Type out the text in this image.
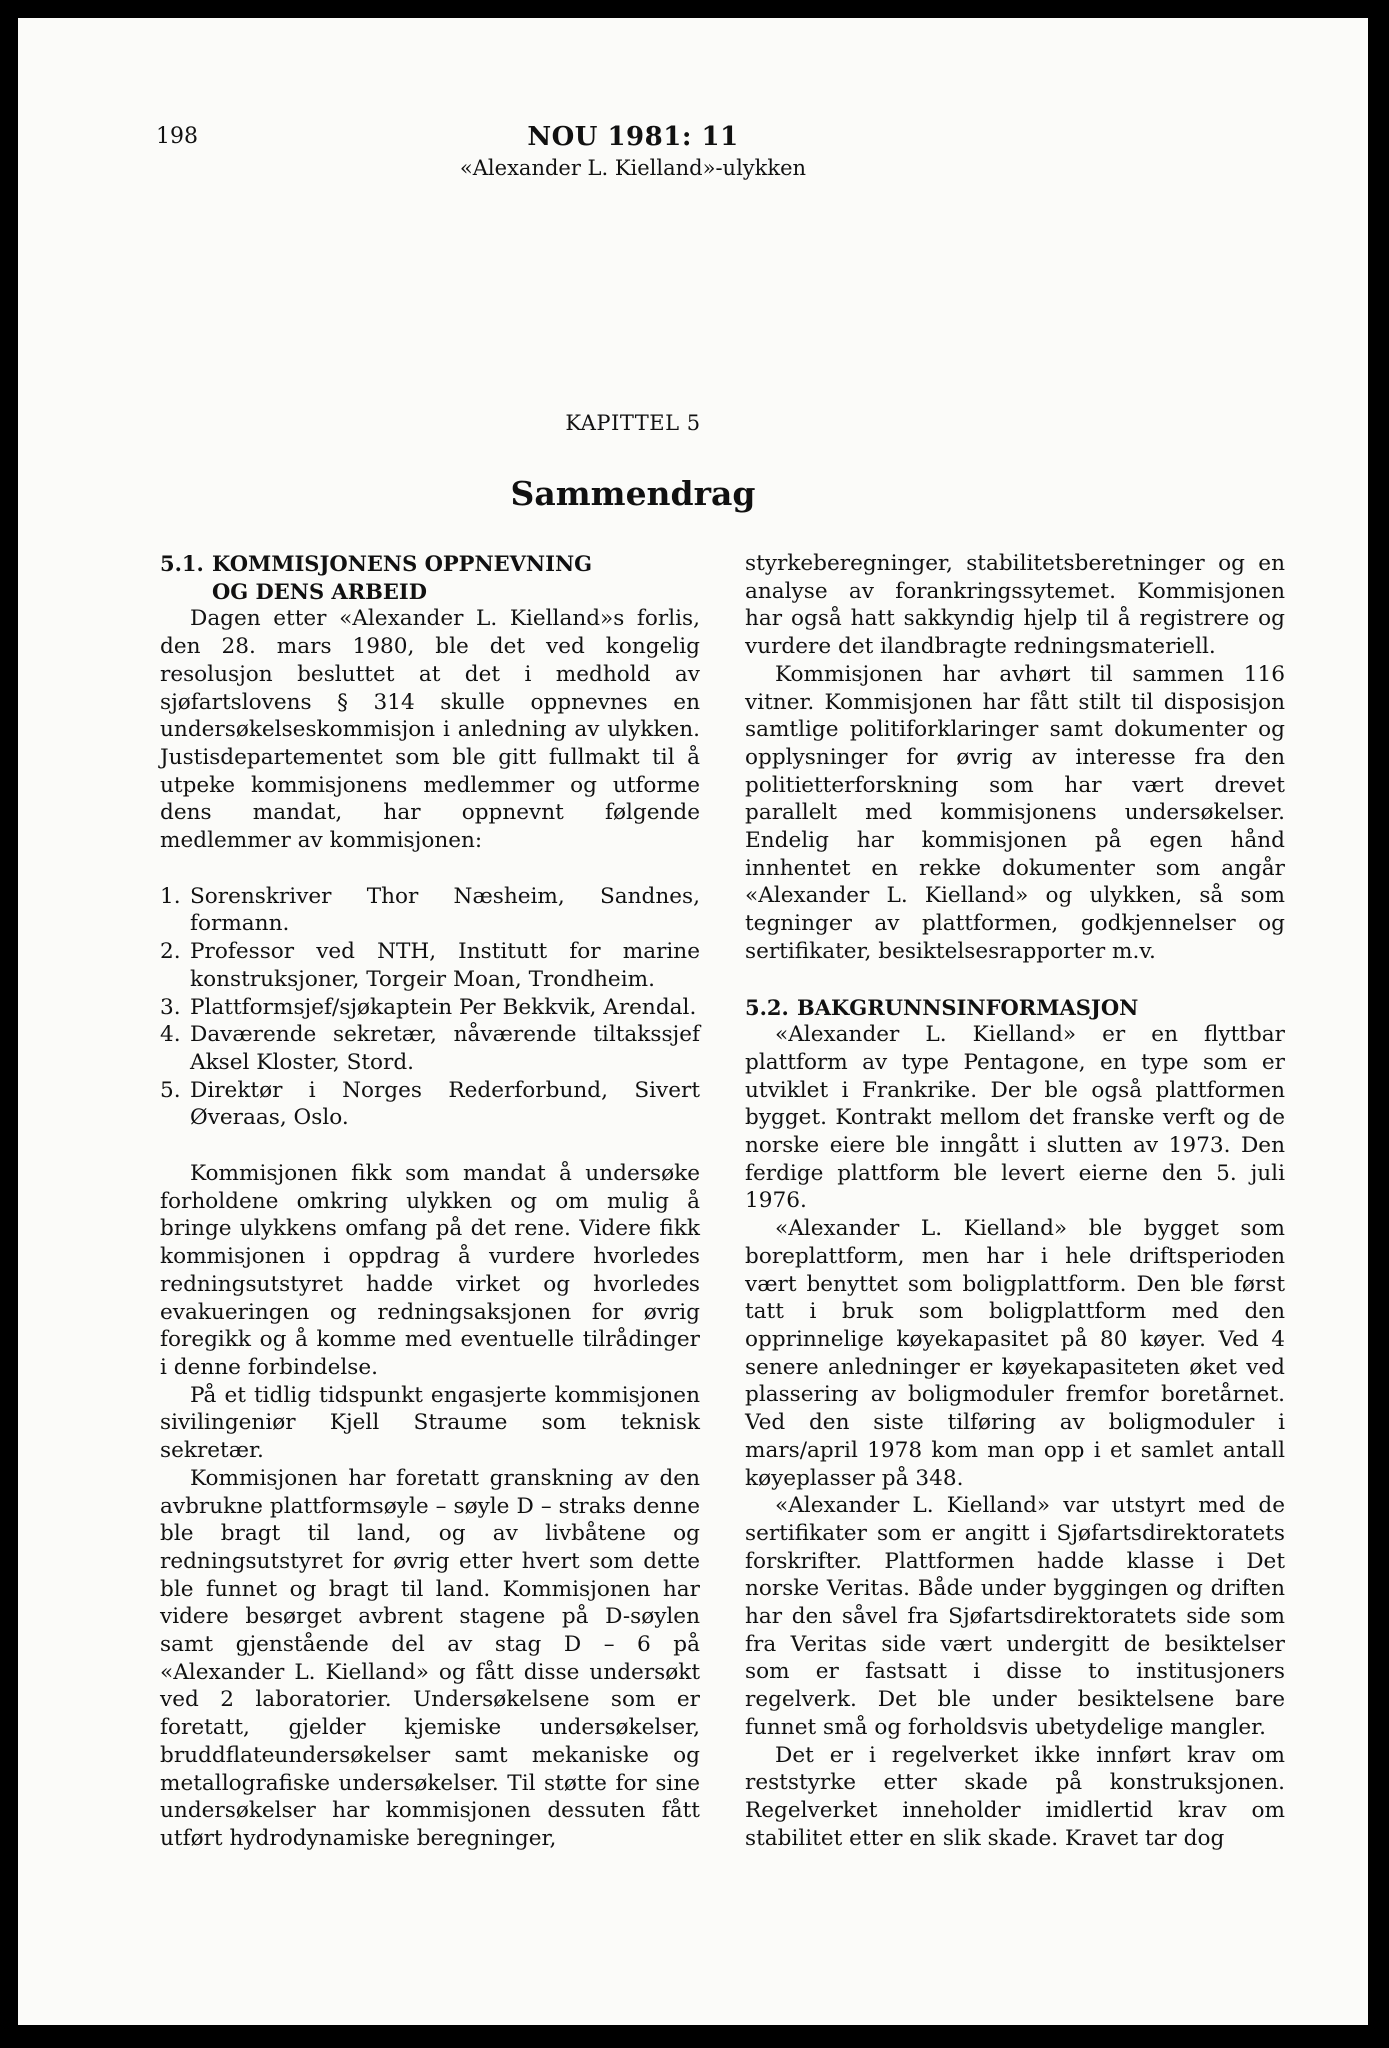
198	NOU 1981: 11
«Alexander L. Kielland»-ulykken
KAPITTEL 5
Sammendrag
5.1. KOMMISJONENS OPPNEVNING
OG DENS ARBEID

Dagen etter «Alexander L. Kielland»s forlis, den 28. mars 1980, ble det ved kongelig resolusjon besluttet at det i medhold av sjøfartslovens § 314 skulle oppnevnes en undersøkelseskommisjon i anledning av ulykken. Justisdepartementet som ble gitt fullmakt til å utpeke kommisjonens medlemmer og utforme dens mandat, har oppnevnt følgende medlemmer av kommisjonen:

1. Sorenskriver Thor Næsheim, Sandnes, formann.
2. Professor ved NTH, Institutt for marine konstruksjoner, Torgeir Moan, Trondheim.
3. Plattformsjef/sjøkaptein Per Bekkvik, Arendal.
4. Daværende sekretær, nåværende tiltakssjef Aksel Kloster, Stord.
5. Direktør i Norges Rederforbund, Sivert Øveraas, Oslo.

Kommisjonen fikk som mandat å undersøke forholdene omkring ulykken og om mulig å bringe ulykkens omfang på det rene. Videre fikk kommisjonen i oppdrag å vurdere hvorledes redningsutstyret hadde virket og hvorledes evakueringen og redningsaksjonen for øvrig foregikk og å komme med eventuelle tilrådinger i denne forbindelse.

På et tidlig tidspunkt engasjerte kommisjonen sivilingeniør Kjell Straume som teknisk sekretær.

Kommisjonen har foretatt granskning av den avbrukne plattformsøyle – søyle D – straks denne ble bragt til land, og av livbåtene og redningsutstyret for øvrig etter hvert som dette ble funnet og bragt til land. Kommisjonen har videre besørget avbrent stagene på D-søylen samt gjenstående del av stag D – 6 på «Alexander L. Kielland» og fått disse undersøkt ved 2 laboratorier. Undersøkelsene som er foretatt, gjelder kjemiske undersøkelser, bruddflateundersøkelser samt mekaniske og metallografiske undersøkelser. Til støtte for sine undersøkelser har kommisjonen dessuten fått utført hydrodynamiske beregninger,

styrkeberegninger, stabilitetsberetninger og en analyse av forankringssytemet. Kommisjonen har også hatt sakkyndig hjelp til å registrere og vurdere det ilandbragte redningsmateriell.

Kommisjonen har avhørt til sammen 116 vitner. Kommisjonen har fått stilt til disposisjon samtlige politiforklaringer samt dokumenter og opplysninger for øvrig av interesse fra den politietterforskning som har vært drevet parallelt med kommisjonens undersøkelser. Endelig har kommisjonen på egen hånd innhentet en rekke dokumenter som angår «Alexander L. Kielland» og ulykken, så som tegninger av plattformen, godkjennelser og sertifikater, besiktelsesrapporter m.v.

5.2. BAKGRUNNSINFORMASJON

«Alexander L. Kielland» er en flyttbar plattform av type Pentagone, en type som er utviklet i Frankrike. Der ble også plattformen bygget. Kontrakt mellom det franske verft og de norske eiere ble inngått i slutten av 1973. Den ferdige plattform ble levert eierne den 5. juli 1976.

«Alexander L. Kielland» ble bygget som boreplattform, men har i hele driftsperioden vært benyttet som boligplattform. Den ble først tatt i bruk som boligplattform med den opprinnelige køyekapasitet på 80 køyer. Ved 4 senere anledninger er køyekapasiteten øket ved plassering av boligmoduler fremfor boretårnet. Ved den siste tilføring av boligmoduler i mars/april 1978 kom man opp i et samlet antall køyeplasser på 348.

«Alexander L. Kielland» var utstyrt med de sertifikater som er angitt i Sjøfartsdirektoratets forskrifter. Plattformen hadde klasse i Det norske Veritas. Både under byggingen og driften har den såvel fra Sjøfartsdirektoratets side som fra Veritas side vært undergitt de besiktelser som er fastsatt i disse to institusjoners regelverk. Det ble under besiktelsene bare funnet små og forholdsvis ubetydelige mangler.

Det er i regelverket ikke innført krav om reststyrke etter skade på konstruksjonen. Regelverket inneholder imidlertid krav om stabilitet etter en slik skade. Kravet tar dog
